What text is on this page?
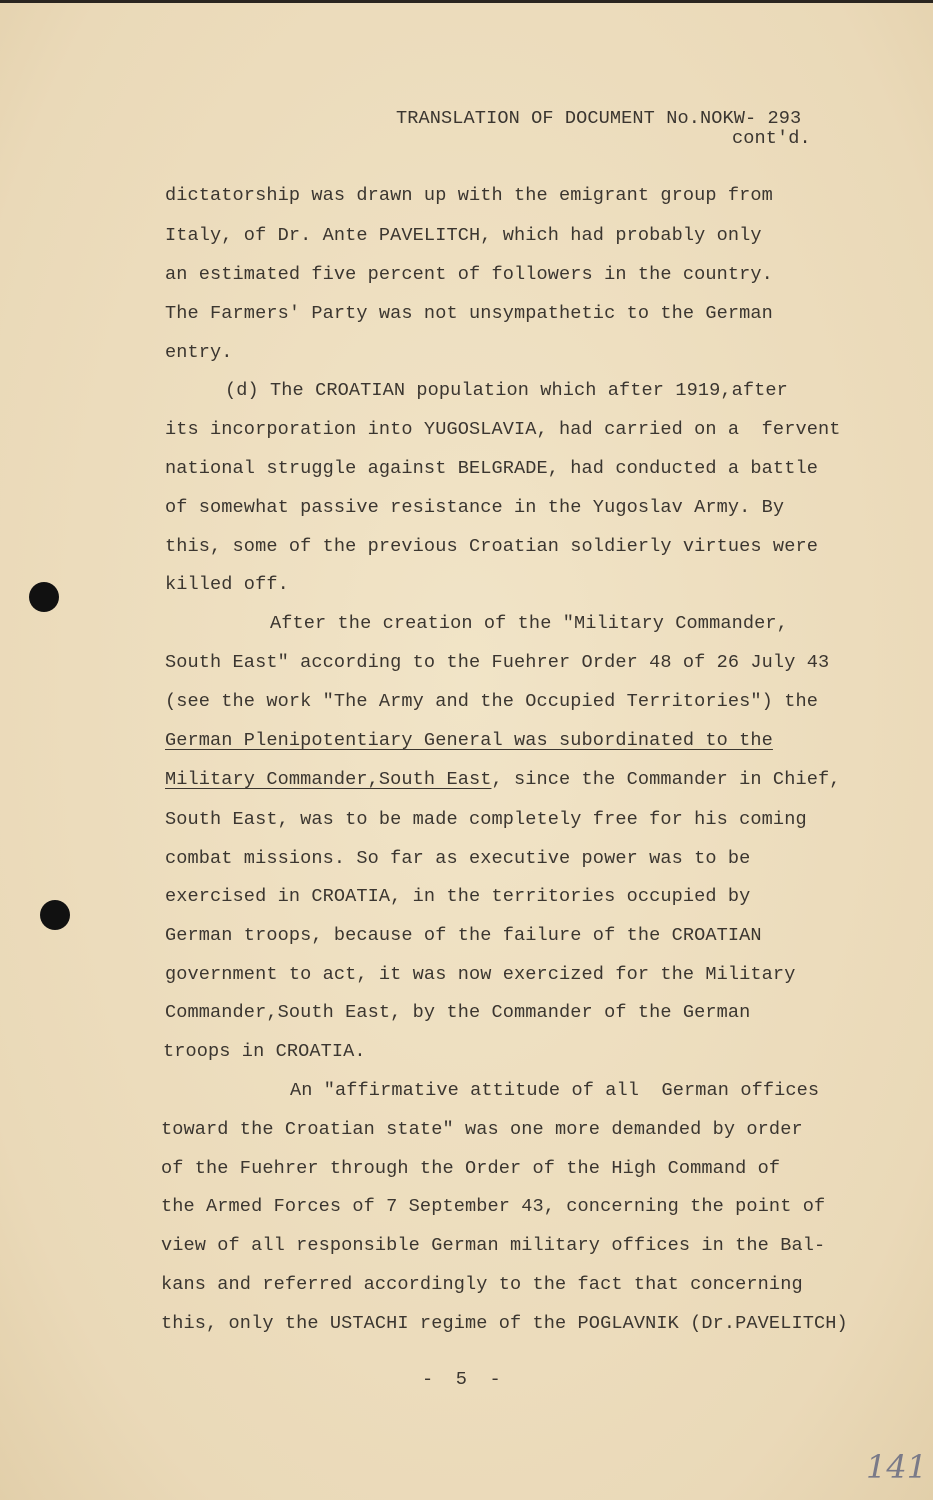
TRANSLATION OF DOCUMENT No.NOKW- 293
cont'd.
dictatorship was drawn up with the emigrant group from
Italy, of Dr. Ante PAVELITCH, which had probably only
an estimated five percent of followers in the country.
The Farmers' Party was not unsympathetic to the German
entry.
(d) The CROATIAN population which after 1919,after
its incorporation into YUGOSLAVIA, had carried on a  fervent
national struggle against BELGRADE, had conducted a battle
of somewhat passive resistance in the Yugoslav Army. By
this, some of the previous Croatian soldierly virtues were
killed off.
After the creation of the "Military Commander,
South East" according to the Fuehrer Order 48 of 26 July 43
(see the work "The Army and the Occupied Territories") the
German Plenipotentiary General was subordinated to the
Military Commander,South East, since the Commander in Chief,
South East, was to be made completely free for his coming
combat missions. So far as executive power was to be
exercised in CROATIA, in the territories occupied by
German troops, because of the failure of the CROATIAN
government to act, it was now exercized for the Military
Commander,South East, by the Commander of the German
troops in CROATIA.
An "affirmative attitude of all  German offices
toward the Croatian state" was one more demanded by order
of the Fuehrer through the Order of the High Command of
the Armed Forces of 7 September 43, concerning the point of
view of all responsible German military offices in the Bal-
kans and referred accordingly to the fact that concerning
this, only the USTACHI regime of the POGLAVNIK (Dr.PAVELITCH)
-  5  -
141
